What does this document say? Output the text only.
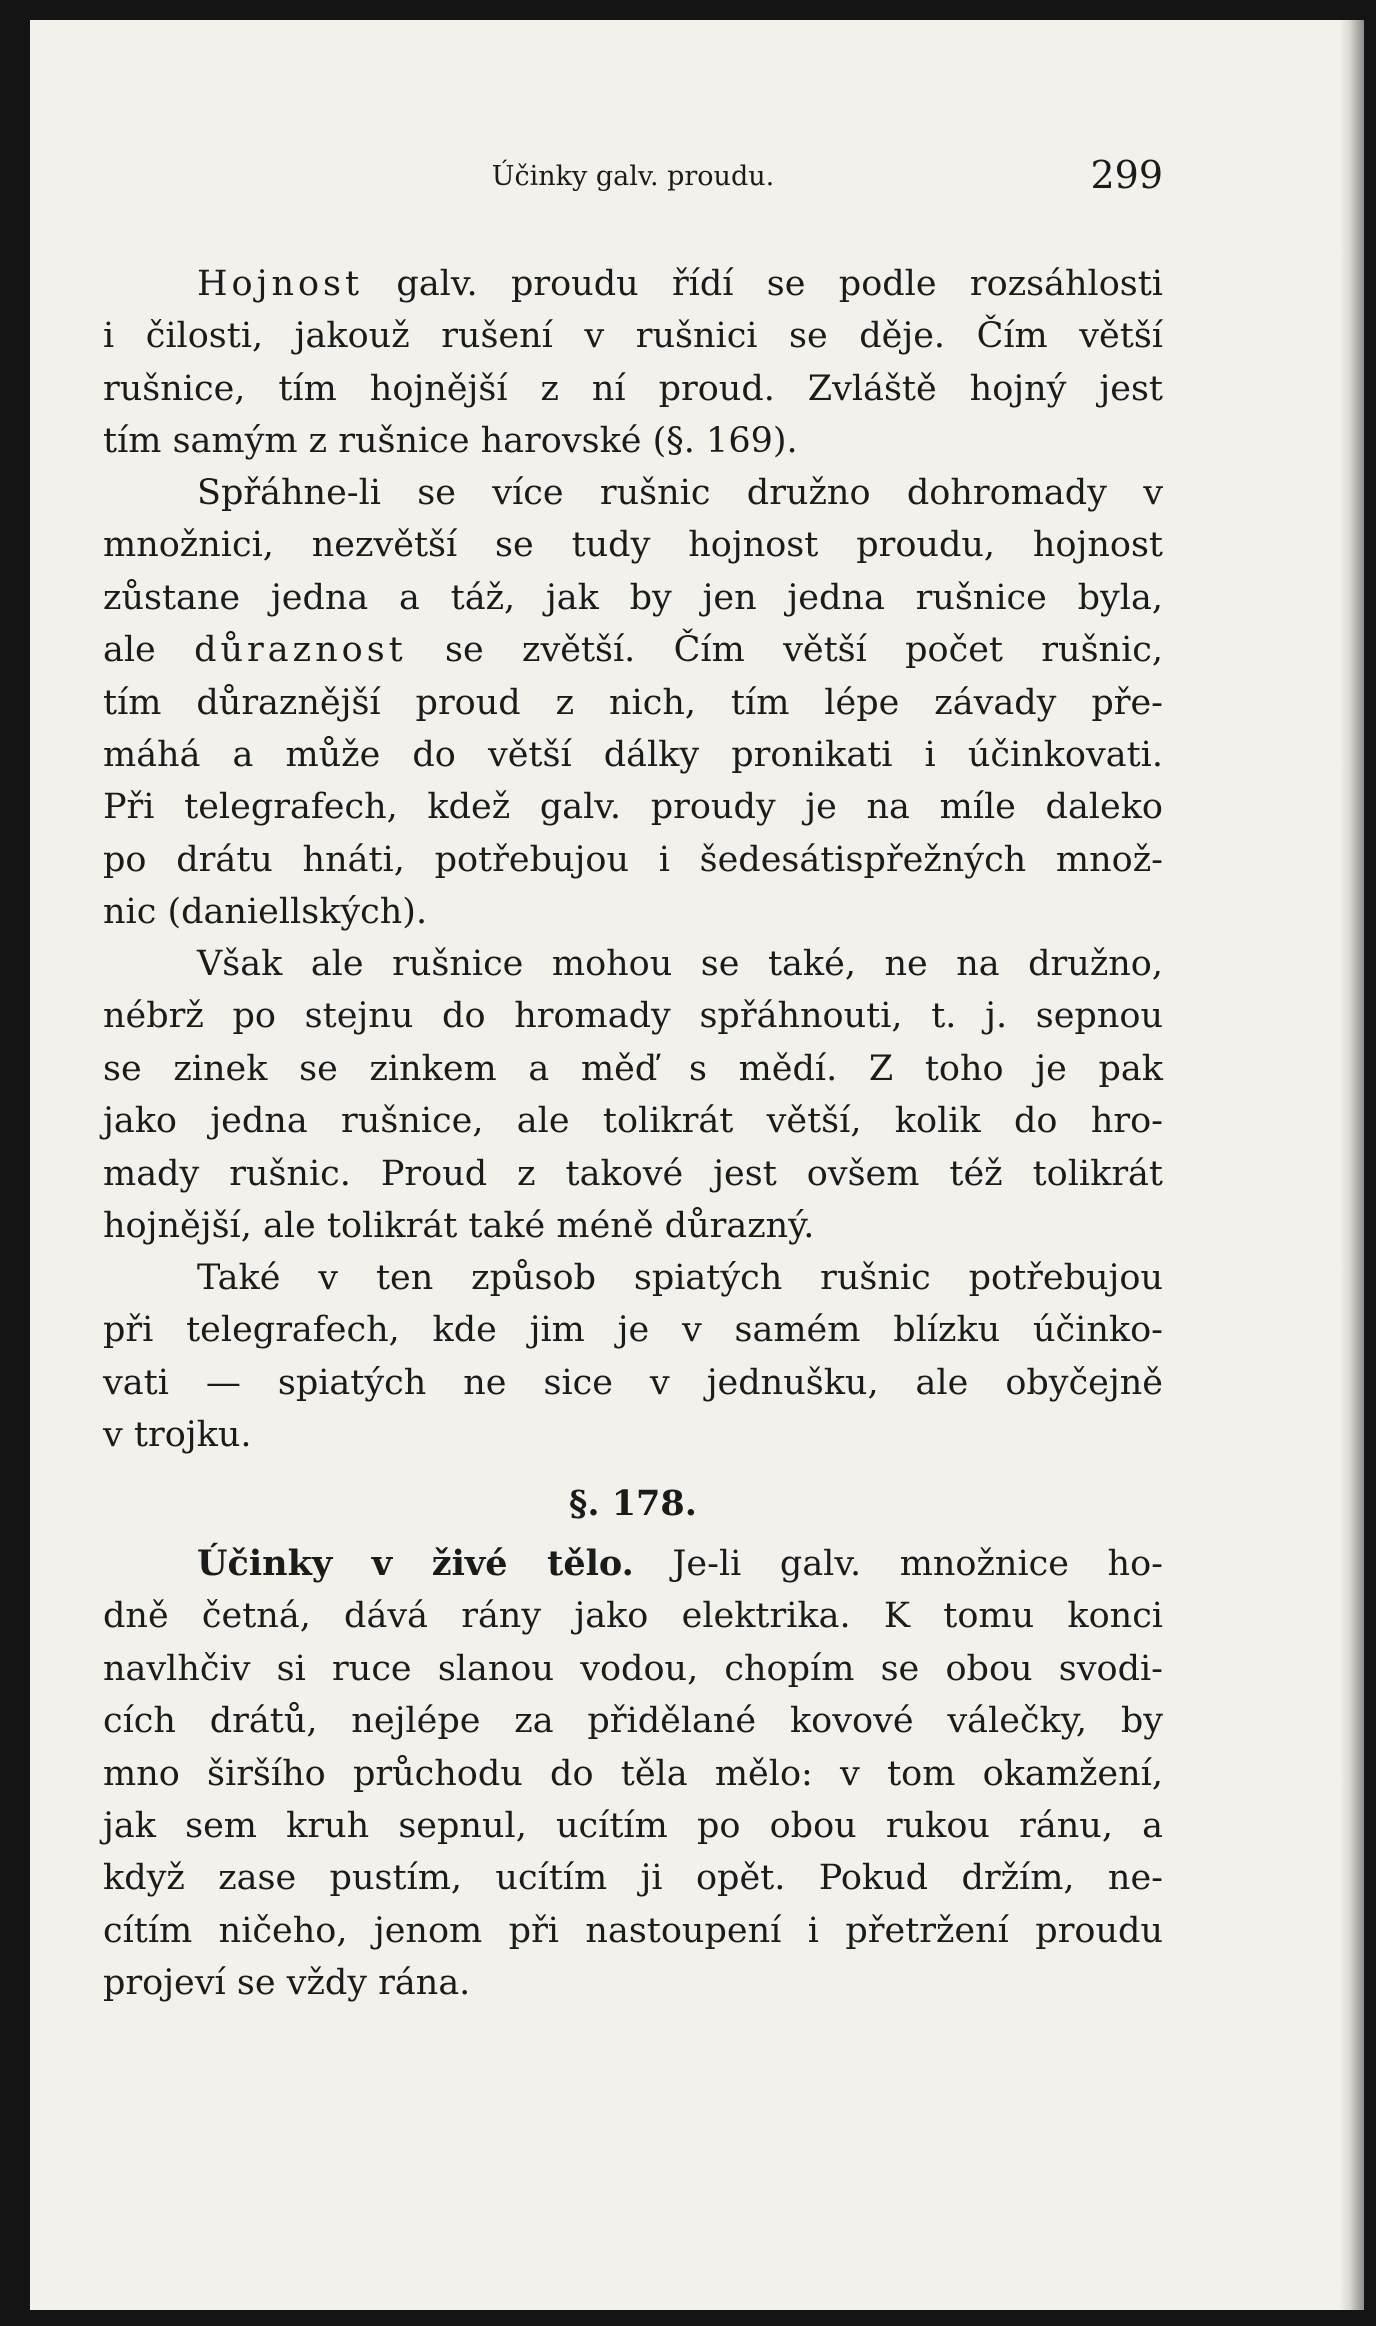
Účinky galv. proudu.	299
Hojnost galv. proudu řídí se podle rozsáhlosti
i čilosti, jakouž rušení v rušnici se děje. Čím větší
rušnice, tím hojnější z ní proud. Zvláště hojný jest
tím samým z rušnice harovské (§. 169).
Spřáhne-li se více rušnic družno dohromady v
množnici, nezvětší se tudy hojnost proudu, hojnost
zůstane jedna a táž, jak by jen jedna rušnice byla,
ale důraznost se zvětší. Čím větší počet rušnic,
tím důraznější proud z nich, tím lépe závady pře-
máhá a může do větší dálky pronikati i účinkovati.
Při telegrafech, kdež galv. proudy je na míle daleko
po drátu hnáti, potřebujou i šedesátispřežných množ-
nic (daniellských).
Však ale rušnice mohou se také, ne na družno,
nébrž po stejnu do hromady spřáhnouti, t. j. sepnou
se zinek se zinkem a měď s mědí. Z toho je pak
jako jedna rušnice, ale tolikrát větší, kolik do hro-
mady rušnic. Proud z takové jest ovšem též tolikrát
hojnější, ale tolikrát také méně důrazný.
Také v ten způsob spiatých rušnic potřebujou
při telegrafech, kde jim je v samém blízku účinko-
vati — spiatých ne sice v jednušku, ale obyčejně
v trojku.
§. 178.
Účinky v živé tělo. Je-li galv. množnice ho-
dně četná, dává rány jako elektrika. K tomu konci
navlhčiv si ruce slanou vodou, chopím se obou svodi-
cích drátů, nejlépe za přidělané kovové válečky, by
mno širšího průchodu do těla mělo: v tom okamžení,
jak sem kruh sepnul, ucítím po obou rukou ránu, a
když zase pustím, ucítím ji opět. Pokud držím, ne-
cítím ničeho, jenom při nastoupení i přetržení proudu
projeví se vždy rána.
